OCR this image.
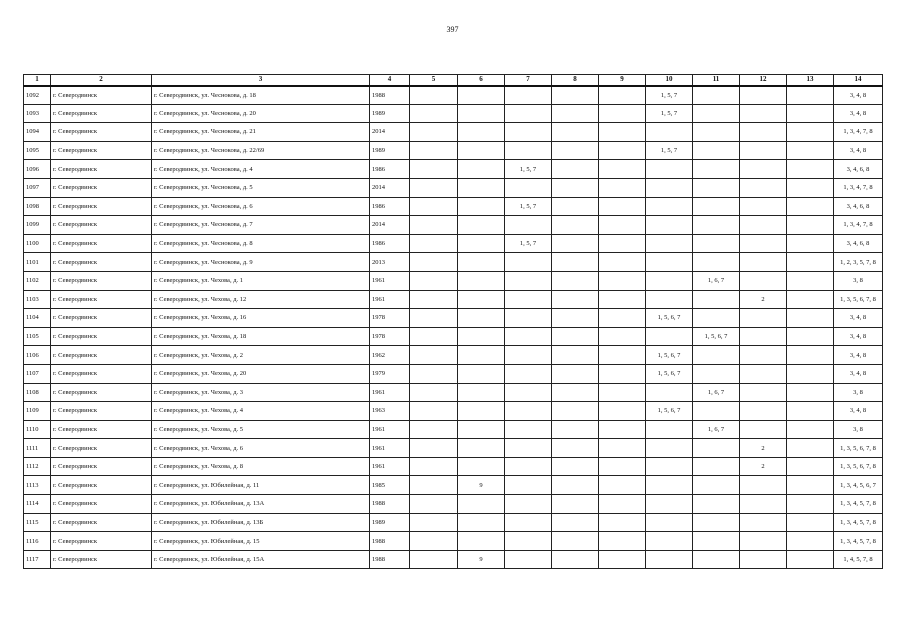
397
1	2	3	4	5	6	7	8	9	10	11	12	13	14
1092	г. Северодвинск	г. Северодвинск, ул. Чеснокова, д. 18	1988						1, 5, 7				3, 4, 8
1093	г. Северодвинск	г. Северодвинск, ул. Чеснокова, д. 20	1989						1, 5, 7				3, 4, 8
1094	г. Северодвинск	г. Северодвинск, ул. Чеснокова, д. 21	2014										1, 3, 4, 7, 8
1095	г. Северодвинск	г. Северодвинск, ул. Чеснокова, д. 22/69	1989						1, 5, 7				3, 4, 8
1096	г. Северодвинск	г. Северодвинск, ул. Чеснокова, д. 4	1986			1, 5, 7							3, 4, 6, 8
1097	г. Северодвинск	г. Северодвинск, ул. Чеснокова, д. 5	2014										1, 3, 4, 7, 8
1098	г. Северодвинск	г. Северодвинск, ул. Чеснокова, д. 6	1986			1, 5, 7							3, 4, 6, 8
1099	г. Северодвинск	г. Северодвинск, ул. Чеснокова, д. 7	2014										1, 3, 4, 7, 8
1100	г. Северодвинск	г. Северодвинск, ул. Чеснокова, д. 8	1986			1, 5, 7							3, 4, 6, 8
1101	г. Северодвинск	г. Северодвинск, ул. Чеснокова, д. 9	2013										1, 2, 3, 5, 7, 8
1102	г. Северодвинск	г. Северодвинск, ул. Чехова, д. 1	1961							1, 6, 7			3, 8
1103	г. Северодвинск	г. Северодвинск, ул. Чехова, д. 12	1961								2		1, 3, 5, 6, 7, 8
1104	г. Северодвинск	г. Северодвинск, ул. Чехова, д. 16	1978						1, 5, 6, 7				3, 4, 8
1105	г. Северодвинск	г. Северодвинск, ул. Чехова, д. 18	1978							1, 5, 6, 7			3, 4, 8
1106	г. Северодвинск	г. Северодвинск, ул. Чехова, д. 2	1962						1, 5, 6, 7				3, 4, 8
1107	г. Северодвинск	г. Северодвинск, ул. Чехова, д. 20	1979						1, 5, 6, 7				3, 4, 8
1108	г. Северодвинск	г. Северодвинск, ул. Чехова, д. 3	1961							1, 6, 7			3, 8
1109	г. Северодвинск	г. Северодвинск, ул. Чехова, д. 4	1963						1, 5, 6, 7				3, 4, 8
1110	г. Северодвинск	г. Северодвинск, ул. Чехова, д. 5	1961							1, 6, 7			3, 8
1111	г. Северодвинск	г. Северодвинск, ул. Чехова, д. 6	1961								2		1, 3, 5, 6, 7, 8
1112	г. Северодвинск	г. Северодвинск, ул. Чехова, д. 8	1961								2		1, 3, 5, 6, 7, 8
1113	г. Северодвинск	г. Северодвинск, ул. Юбилейная, д. 11	1985		9								1, 3, 4, 5, 6, 7
1114	г. Северодвинск	г. Северодвинск, ул. Юбилейная, д. 13А	1988										1, 3, 4, 5, 7, 8
1115	г. Северодвинск	г. Северодвинск, ул. Юбилейная, д. 13Б	1989										1, 3, 4, 5, 7, 8
1116	г. Северодвинск	г. Северодвинск, ул. Юбилейная, д. 15	1988										1, 3, 4, 5, 7, 8
1117	г. Северодвинск	г. Северодвинск, ул. Юбилейная, д. 15А	1988		9								1, 4, 5, 7, 8
